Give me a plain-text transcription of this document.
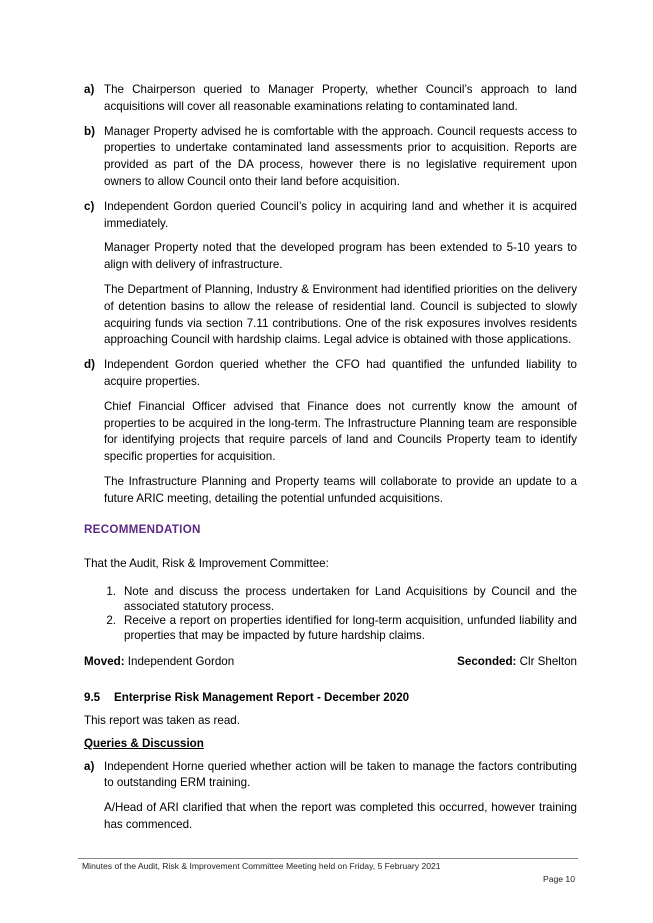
a) The Chairperson queried to Manager Property, whether Council’s approach to land acquisitions will cover all reasonable examinations relating to contaminated land.

b) Manager Property advised he is comfortable with the approach. Council requests access to properties to undertake contaminated land assessments prior to acquisition. Reports are provided as part of the DA process, however there is no legislative requirement upon owners to allow Council onto their land before acquisition.

c) Independent Gordon queried Council’s policy in acquiring land and whether it is acquired immediately.

Manager Property noted that the developed program has been extended to 5-10 years to align with delivery of infrastructure.

The Department of Planning, Industry & Environment had identified priorities on the delivery of detention basins to allow the release of residential land. Council is subjected to slowly acquiring funds via section 7.11 contributions. One of the risk exposures involves residents approaching Council with hardship claims. Legal advice is obtained with those applications.

d) Independent Gordon queried whether the CFO had quantified the unfunded liability to acquire properties.

Chief Financial Officer advised that Finance does not currently know the amount of properties to be acquired in the long-term. The Infrastructure Planning team are responsible for identifying projects that require parcels of land and Councils Property team to identify specific properties for acquisition.

The Infrastructure Planning and Property teams will collaborate to provide an update to a future ARIC meeting, detailing the potential unfunded acquisitions.

RECOMMENDATION
That the Audit, Risk & Improvement Committee:
1. Note and discuss the process undertaken for Land Acquisitions by Council and the associated statutory process.
2. Receive a report on properties identified for long-term acquisition, unfunded liability and properties that may be impacted by future hardship claims.
Moved: Independent Gordon	Seconded: Clr Shelton
9.5	Enterprise Risk Management Report - December 2020
This report was taken as read.
Queries & Discussion
a) Independent Horne queried whether action will be taken to manage the factors contributing to outstanding ERM training.

A/Head of ARI clarified that when the report was completed this occurred, however training has commenced.

Minutes of the Audit, Risk & Improvement Committee Meeting held on Friday, 5 February 2021
Page 10
